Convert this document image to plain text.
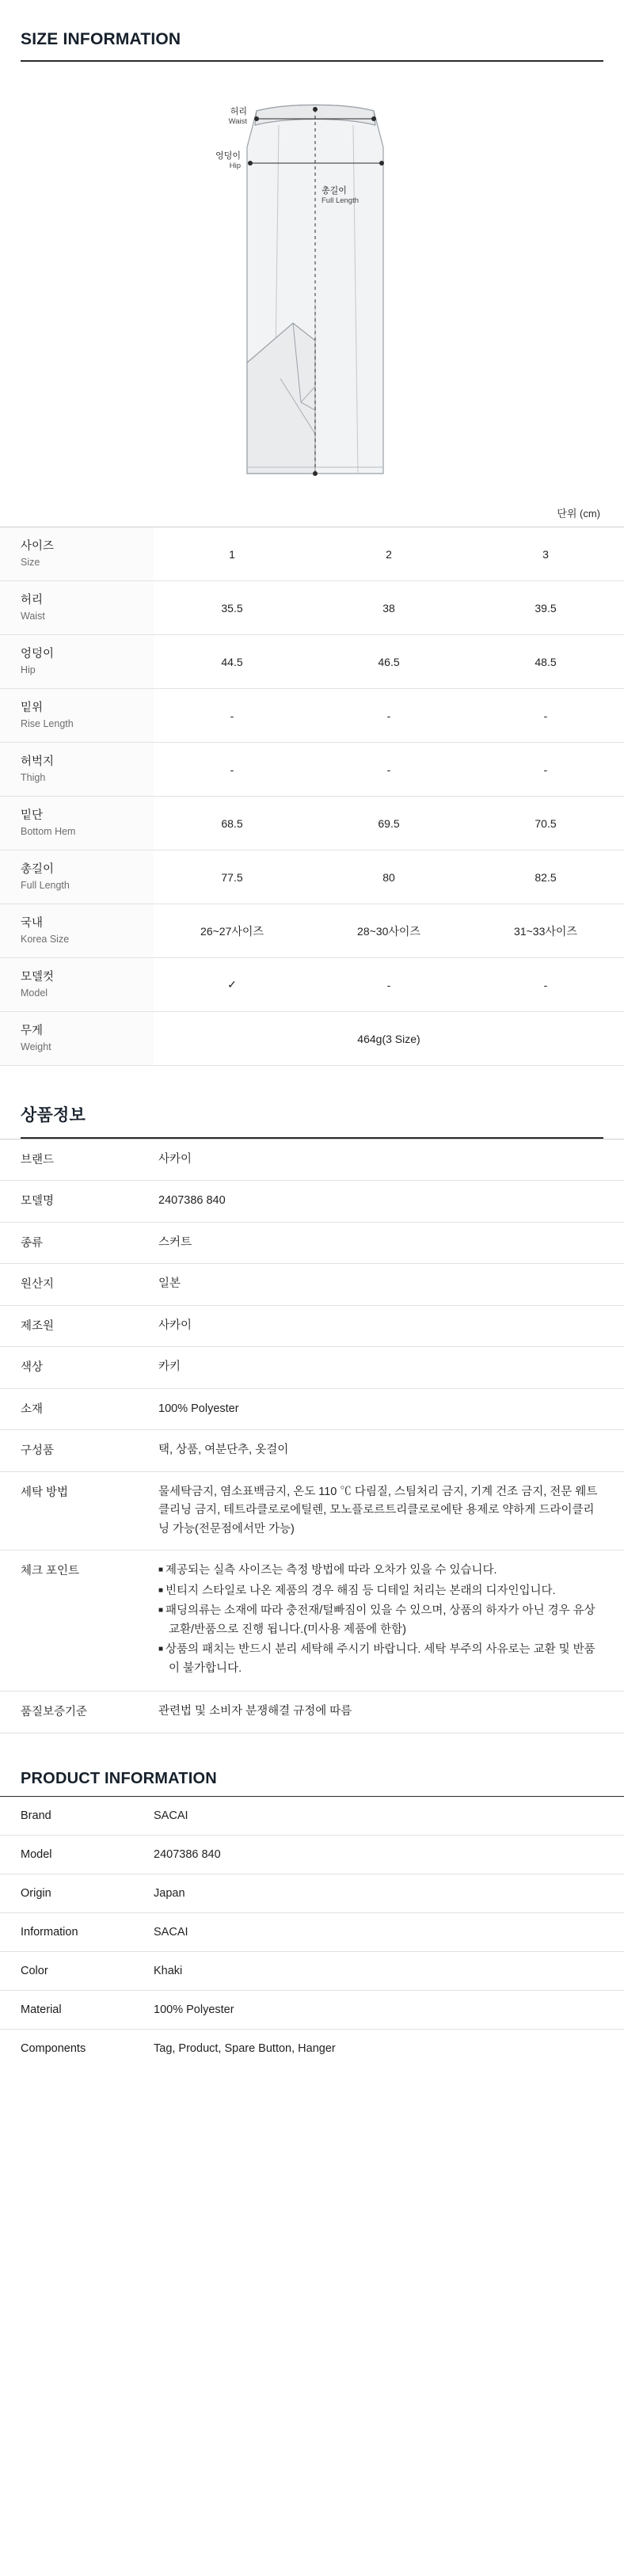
SIZE INFORMATION
허리
Waist
엉덩이
Hip
총길이
Full Length
단위 (cm)
사이즈
Size	1	2	3

허리
Waist	35.5	38	39.5

엉덩이
Hip	44.5	46.5	48.5

밑위
Rise Length	-	-	-

허벅지
Thigh	-	-	-

밑단
Bottom Hem	68.5	69.5	70.5

총길이
Full Length	77.5	80	82.5

국내
Korea Size	26~27사이즈	28~30사이즈	31~33사이즈

모델컷
Model	✓	-	-

무게
Weight	464g(3 Size)		
상품정보
브랜드	사카이
모델명	2407386 840
종류	스커트
원산지	일본
제조원	사카이
색상	카키
소재	100% Polyester
구성품	택, 상품, 여분단추, 옷걸이
세탁 방법	물세탁금지, 염소표백금지, 온도 110 ℃ 다림질, 스팀처리 금지, 기계 건조 금지, 전문 웨트클리닝 금지, 테트라클로로에틸렌, 모노플로르트리클로로에탄 용제로 약하게 드라이클리닝 가능(전문점에서만 가능)
체크 포인트	■ 제공되는 실측 사이즈는 측정 방법에 따라 오차가 있을 수 있습니다.

■ 빈티지 스타일로 나온 제품의 경우 해짐 등 디테일 처리는 본래의 디자인입니다.

■ 패딩의류는 소재에 따라 충전재/털빠짐이 있을 수 있으며, 상품의 하자가 아닌 경우 유상 교환/반품으로 진행 됩니다.(미사용 제품에 한함)

■ 상품의 패치는 반드시 분리 세탁해 주시기 바랍니다. 세탁 부주의 사유로는 교환 및 반품이 불가합니다.

품질보증기준	관련법 및 소비자 분쟁해결 규정에 따름
PRODUCT INFORMATION
Brand	SACAI
Model	2407386 840
Origin	Japan
Information	SACAI
Color	Khaki
Material	100% Polyester
Components	Tag, Product, Spare Button, Hanger
